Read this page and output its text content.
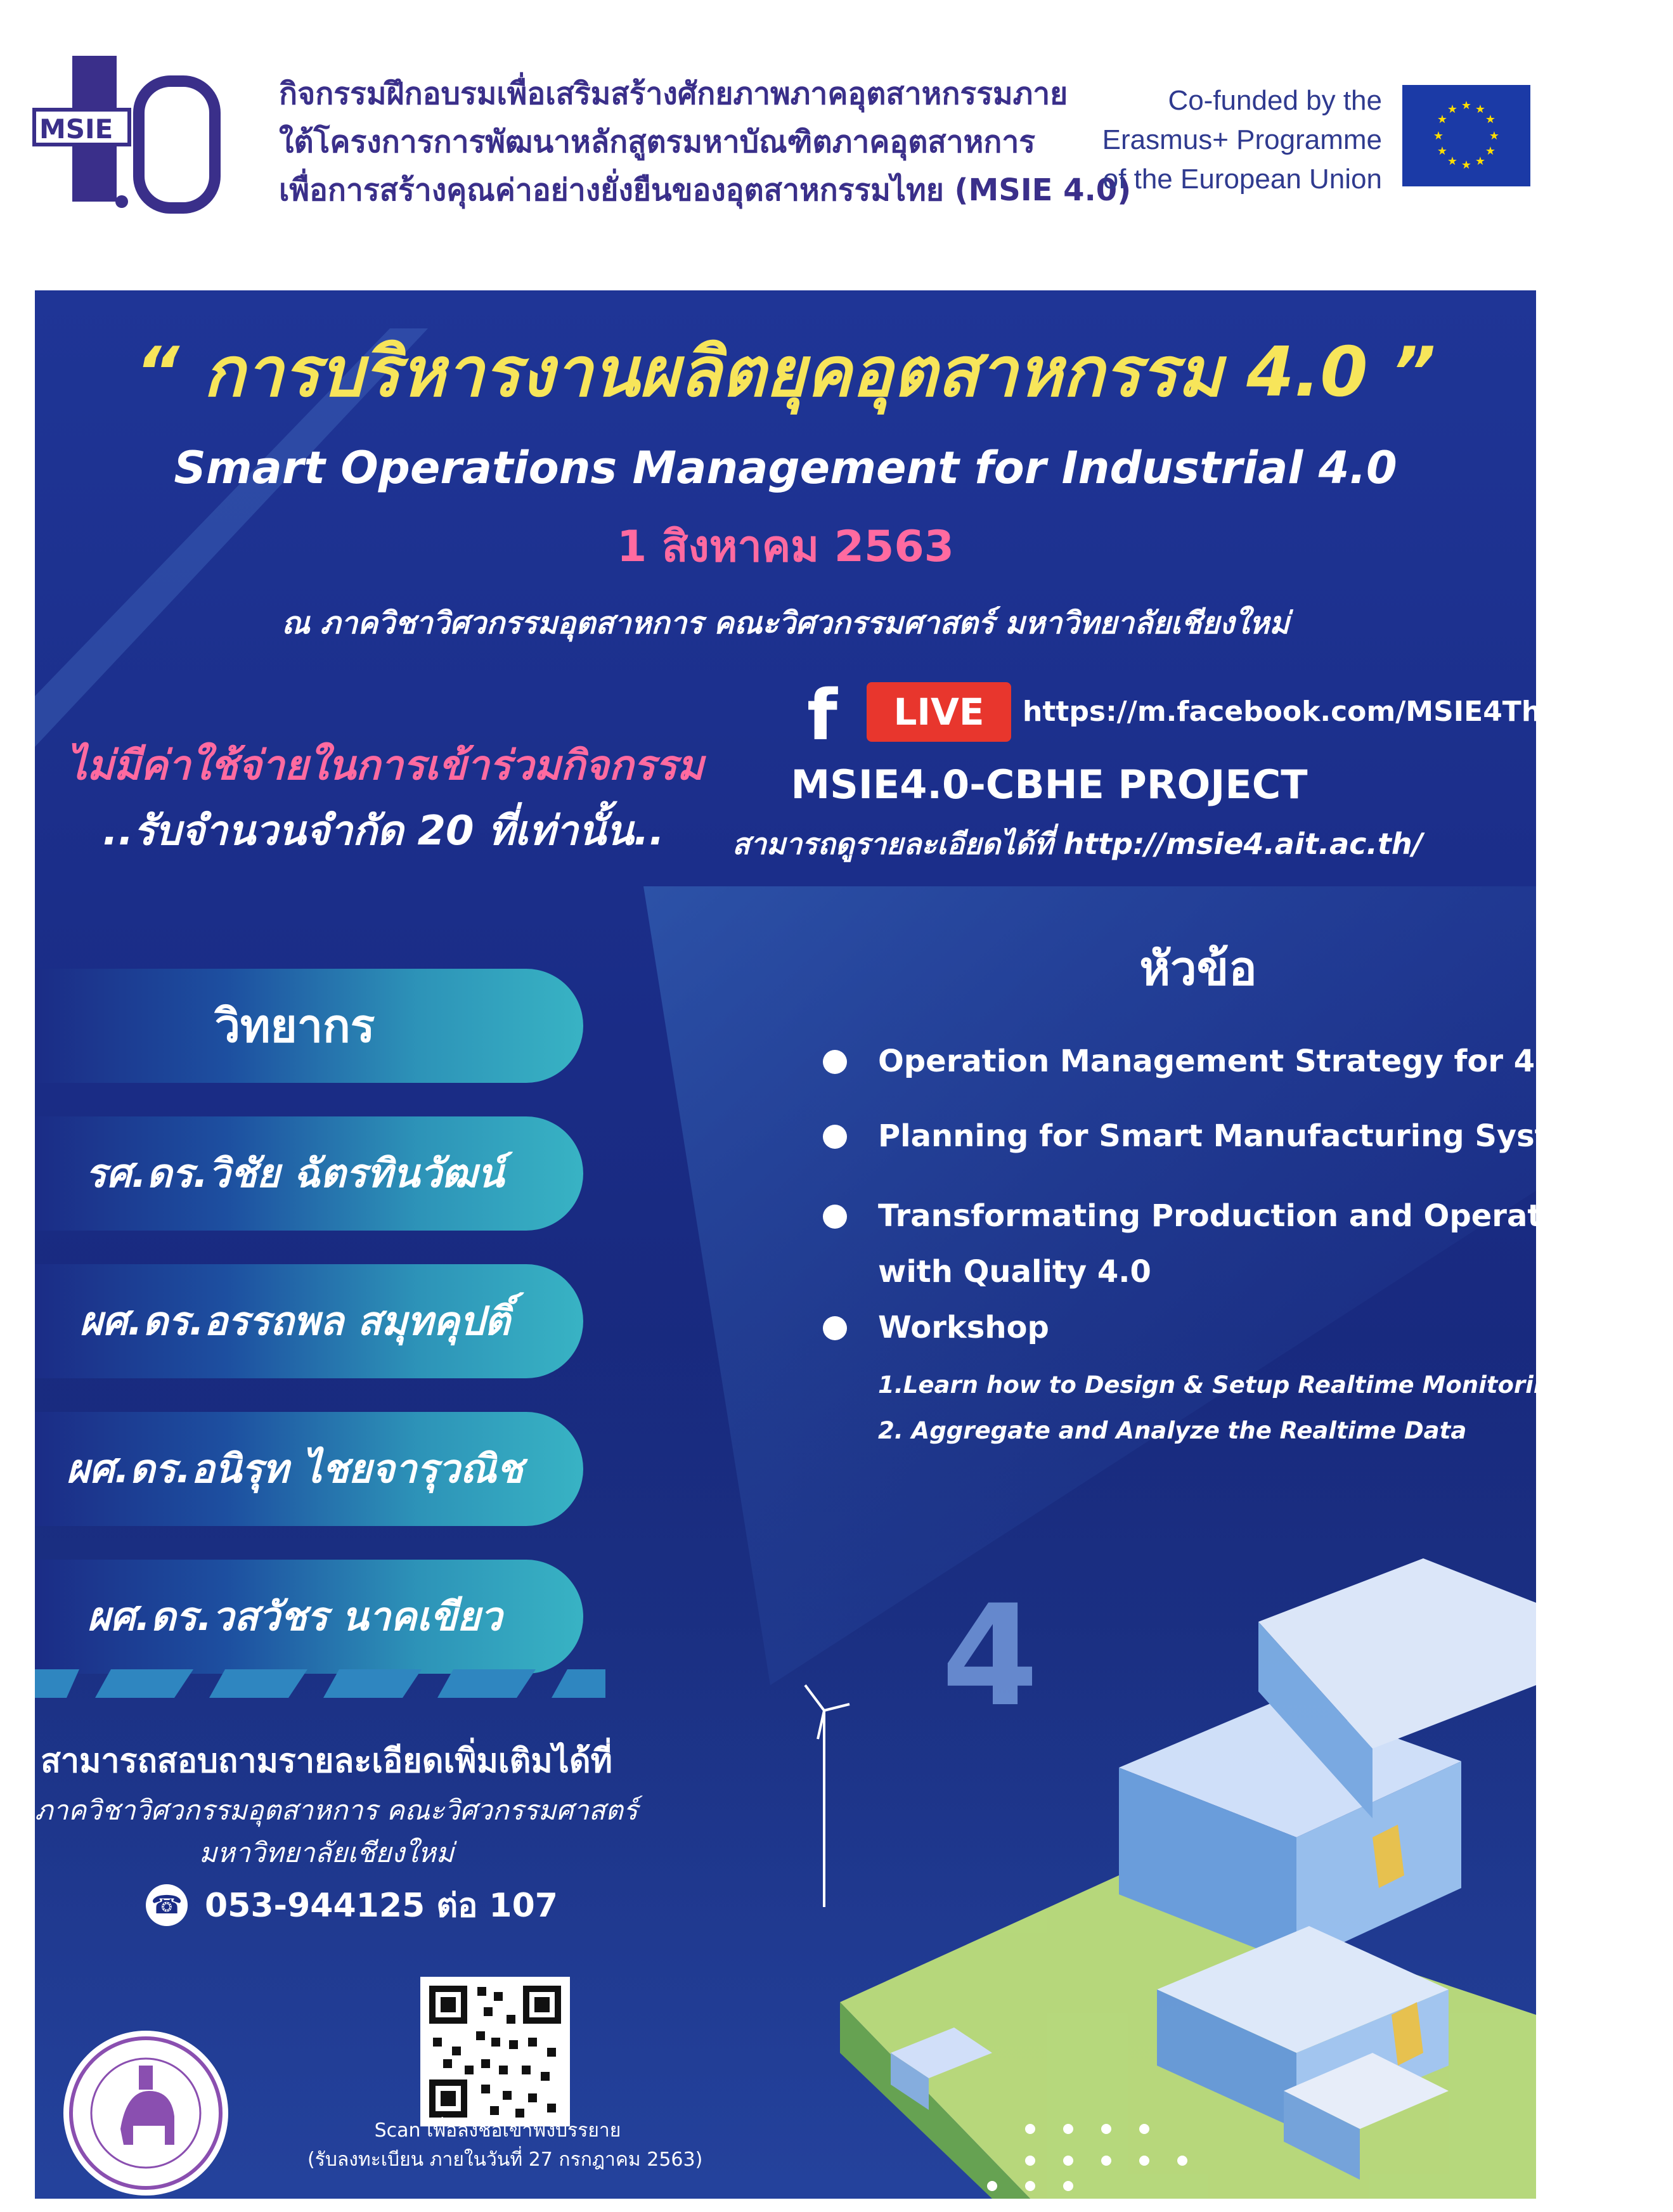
MSIE
กิจกรรมฝึกอบรมเพื่อเสริมสร้างศักยภาพภาคอุตสาหกรรมภาย
ใต้โครงการการพัฒนาหลักสูตรมหาบัณฑิตภาคอุตสาหการ
เพื่อการสร้างคุณค่าอย่างยั่งยืนของอุตสาหกรรมไทย (MSIE 4.0)
Co-funded by the
Erasmus+ Programme
of the European Union
★ ★
★
★
★
★
★
★
★
★
★
★
“ การบริหารงานผลิตยุคอุตสาหกรรม 4.0 ”
Smart Operations Management for Industrial 4.0
1 สิงหาคม 2563
ณ ภาควิชาวิศวกรรมอุตสาหการ คณะวิศวกรรมศาสตร์ มหาวิทยาลัยเชียงใหม่
f	LIVE	https://m.facebook.com/MSIE4Thailand/
MSIE4.0-CBHE PROJECT
สามารถดูรายละเอียดได้ที่ http://msie4.ait.ac.th/
ไม่มีค่าใช้จ่ายในการเข้าร่วมกิจกรรม
..รับจำนวนจำกัด 20 ที่เท่านั้น..
วิทยากร
รศ.ดร.วิชัย ฉัตรทินวัฒน์
ผศ.ดร.อรรถพล สมุทคุปติ์
ผศ.ดร.อนิรุท ไชยจารุวณิช
ผศ.ดร.วสวัชร นาคเขียว
หัวข้อ
Operation Management Strategy for 4.0
Planning for Smart Manufacturing System
Transformating Production and Operation
with Quality 4.0
Workshop
1.Learn how to Design & Setup Realtime Monitoring System
2. Aggregate and Analyze the Realtime Data
สามารถสอบถามรายละเอียดเพิ่มเติมได้ที่
ภาควิชาวิศวกรรมอุตสาหการ คณะวิศวกรรมศาสตร์
มหาวิทยาลัยเชียงใหม่
☎ 053-944125 ต่อ 107
Scan เพื่อลงชื่อเข้าฟังบรรยาย
(รับลงทะเบียน ภายในวันที่ 27 กรกฎาคม 2563)
4
